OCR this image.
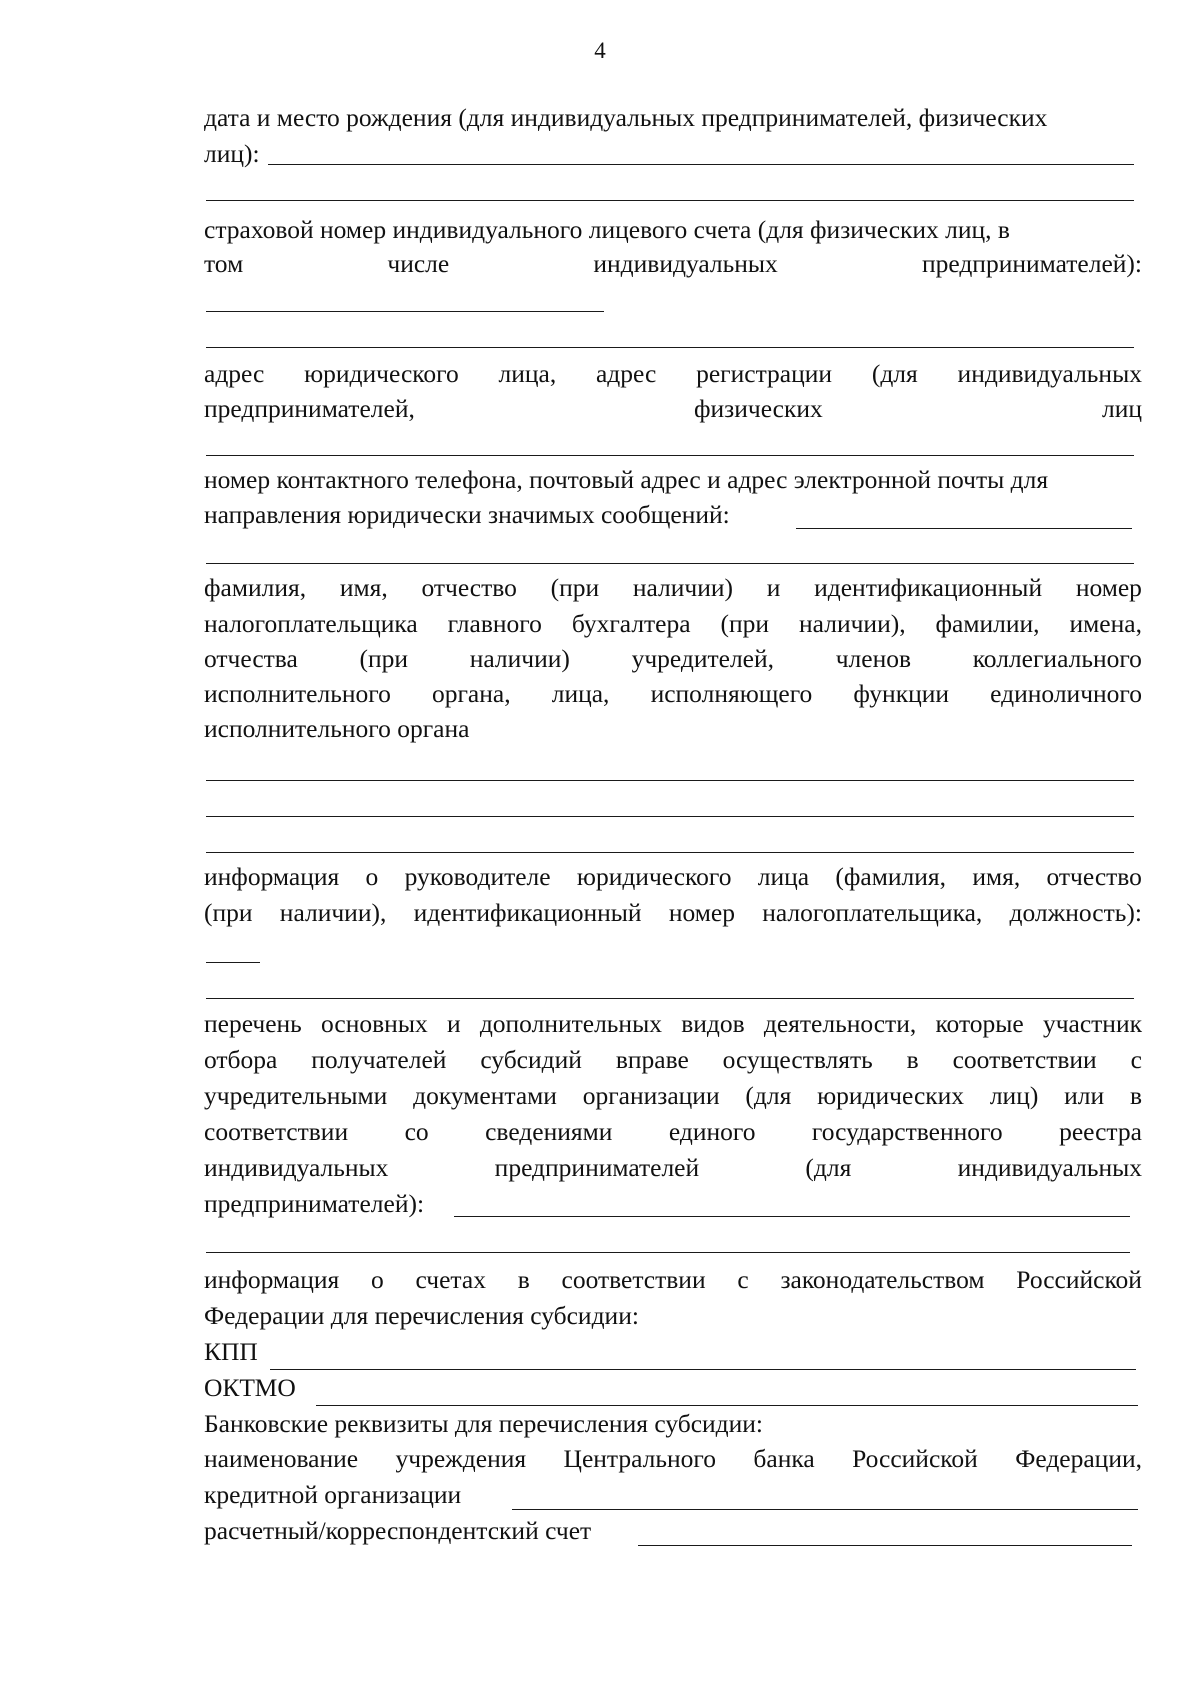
4

дата и место рождения (для индивидуальных предпринимателей, физических

лиц):

страховой номер индивидуального лицевого счета (для физических лиц, в

том	числе	индивидуальных	предпринимателей):

адрес юридического лица, адрес регистрации (для индивидуальных

предпринимателей,	физических	лиц

номер контактного телефона, почтовый адрес и адрес электронной почты для

направления юридически значимых сообщений:

фамилия, имя, отчество (при наличии) и идентификационный номер

налогоплательщика главного бухгалтера (при наличии), фамилии, имена,

отчества (при наличии) учредителей, членов коллегиального

исполнительного органа, лица, исполняющего функции единоличного

исполнительного органа

информация о руководителе юридического лица (фамилия, имя, отчество

(при наличии), идентификационный номер налогоплательщика, должность):

перечень основных и дополнительных видов деятельности, которые участник

отбора получателей субсидий вправе осуществлять в соответствии с

учредительными документами организации (для юридических лиц) или в

соответствии со сведениями единого государственного реестра

индивидуальных	предпринимателей	(для	индивидуальных

предпринимателей):

информация о счетах в соответствии с законодательством Российской

Федерации для перечисления субсидии:

КПП

ОКТМО

Банковские реквизиты для перечисления субсидии:

наименование учреждения Центрального банка Российской Федерации,

кредитной организации

расчетный/корреспондентский счет
